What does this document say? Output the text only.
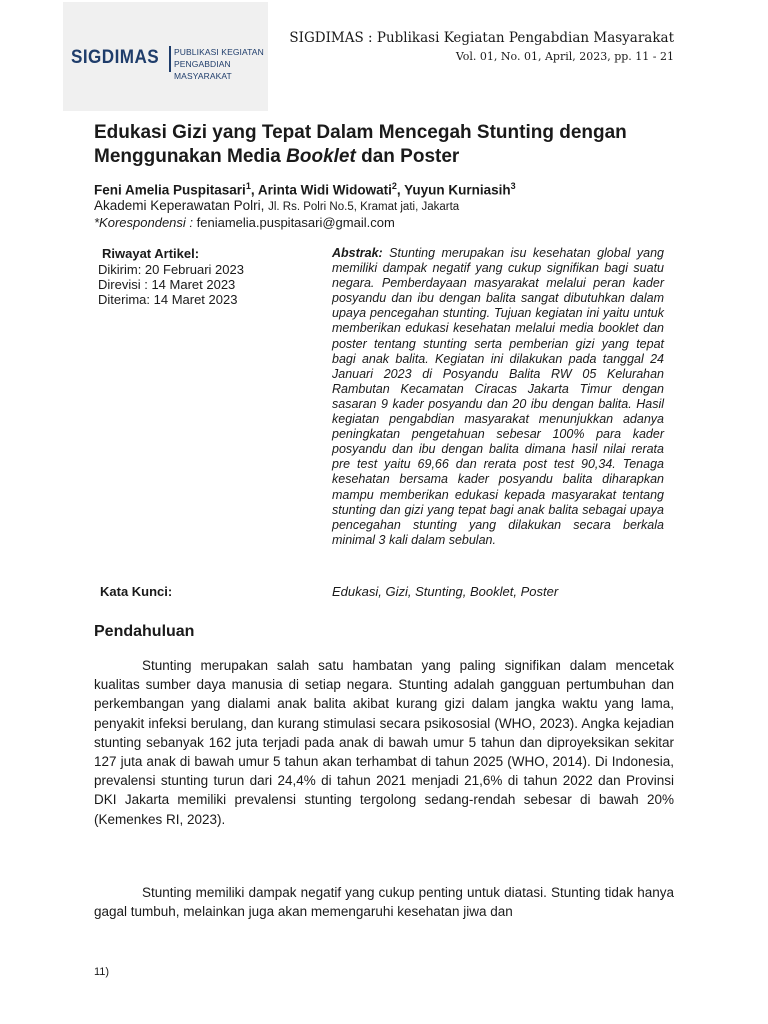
SIGDIMAS PUBLIKASI KEGIATAN
PENGABDIAN MASYARAKAT
SIGDIMAS : Publikasi Kegiatan Pengabdian Masyarakat
Vol. 01, No. 01, April, 2023, pp. 11 - 21
Edukasi Gizi yang Tepat Dalam Mencegah Stunting dengan Menggunakan Media Booklet dan Poster
Feni Amelia Puspitasari$^1$, Arinta Widi Widowati$^2$, Yuyun Kurniasih$^3$
Akademi Keperawatan Polri, Jl. Rs. Polri No.5, Kramat jati, Jakarta
*Korespondensi : feniamelia.puspitasari@gmail.com
Riwayat Artikel:
Dikirim: 20 Februari 2023
Direvisi : 14 Maret 2023
Diterima: 14 Maret 2023
Abstrak: Stunting merupakan isu kesehatan global yang memiliki dampak negatif yang cukup signifikan bagi suatu negara. Pemberdayaan masyarakat melalui peran kader posyandu dan ibu dengan balita sangat dibutuhkan dalam upaya pencegahan stunting. Tujuan kegiatan ini yaitu untuk memberikan edukasi kesehatan melalui media booklet dan poster tentang stunting serta pemberian gizi yang tepat bagi anak balita. Kegiatan ini dilakukan pada tanggal 24 Januari 2023 di Posyandu Balita RW 05 Kelurahan Rambutan Kecamatan Ciracas Jakarta Timur dengan sasaran 9 kader posyandu dan 20 ibu dengan balita. Hasil kegiatan pengabdian masyarakat menunjukkan adanya peningkatan pengetahuan sebesar 100% para kader posyandu dan ibu dengan balita dimana hasil nilai rerata pre test yaitu 69,66 dan rerata post test 90,34. Tenaga kesehatan bersama kader posyandu balita diharapkan mampu memberikan edukasi kepada masyarakat tentang stunting dan gizi yang tepat bagi anak balita sebagai upaya pencegahan stunting yang dilakukan secara berkala minimal 3 kali dalam sebulan.
Kata Kunci:	Edukasi, Gizi, Stunting, Booklet, Poster
Pendahuluan
Stunting merupakan salah satu hambatan yang paling signifikan dalam mencetak kualitas sumber daya manusia di setiap negara. Stunting adalah gangguan pertumbuhan dan perkembangan yang dialami anak balita akibat kurang gizi dalam jangka waktu yang lama, penyakit infeksi berulang, dan kurang stimulasi secara psikososial (WHO, 2023). Angka kejadian stunting sebanyak 162 juta terjadi pada anak di bawah umur 5 tahun dan diproyeksikan sekitar 127 juta anak di bawah umur 5 tahun akan terhambat di tahun 2025 (WHO, 2014). Di Indonesia, prevalensi stunting turun dari 24,4% di tahun 2021 menjadi 21,6% di tahun 2022 dan Provinsi DKI Jakarta memiliki prevalensi stunting tergolong sedang-rendah sebesar di bawah 20% (Kemenkes RI, 2023).
Stunting memiliki dampak negatif yang cukup penting untuk diatasi. Stunting tidak hanya gagal tumbuh, melainkan juga akan memengaruhi kesehatan jiwa dan
11)
